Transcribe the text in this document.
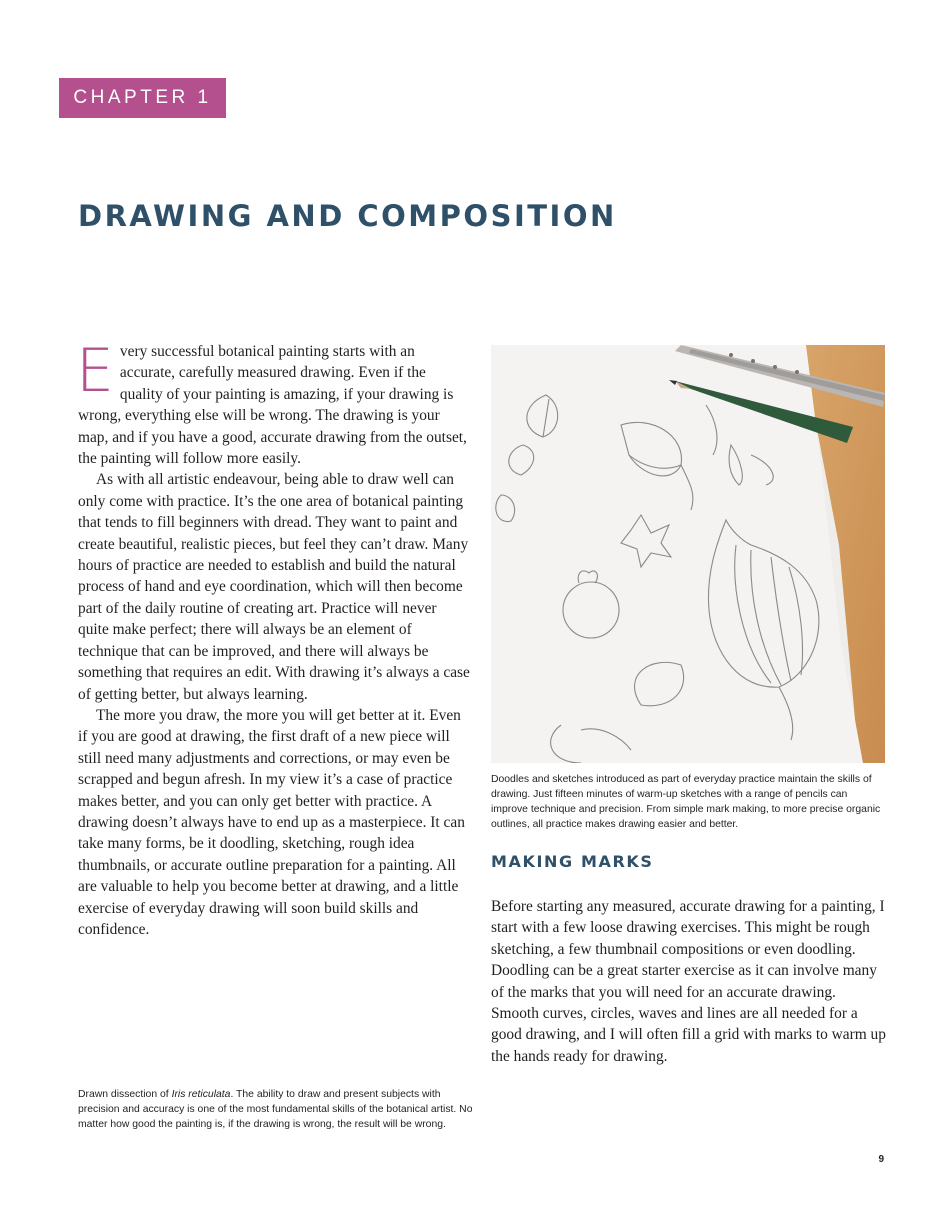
CHAPTER 1
DRAWING AND COMPOSITION

Every successful botanical painting starts with an accurate, carefully measured drawing. Even if the quality of your painting is amazing, if your drawing is wrong, everything else will be wrong. The drawing is your map, and if you have a good, accurate drawing from the outset, the painting will follow more easily.

As with all artistic endeavour, being able to draw well can only come with practice. It’s the one area of botanical painting that tends to fill beginners with dread. They want to paint and create beautiful, realistic pieces, but feel they can’t draw. Many hours of practice are needed to establish and build the natural process of hand and eye coordination, which will then become part of the daily routine of creating art. Practice will never quite make perfect; there will always be an element of technique that can be improved, and there will always be something that requires an edit. With drawing it’s always a case of getting better, but always learning.

The more you draw, the more you will get better at it. Even if you are good at drawing, the first draft of a new piece will still need many adjustments and corrections, or may even be scrapped and begun afresh. In my view it’s a case of practice makes better, and you can only get better with practice. A drawing doesn’t always have to end up as a masterpiece. It can take many forms, be it doodling, sketching, rough idea thumbnails, or accurate outline preparation for a painting. All are valuable to help you become better at drawing, and a little exercise of everyday drawing will soon build skills and confidence.

Doodles and sketches introduced as part of everyday practice maintain the skills of drawing. Just fifteen minutes of warm-up sketches with a range of pencils can improve technique and precision. From simple mark making, to more precise organic outlines, all practice makes drawing easier and better.
MAKING MARKS

Before starting any measured, accurate drawing for a painting, I start with a few loose drawing exercises. This might be rough sketching, a few thumbnail compositions or even doodling. Doodling can be a great starter exercise as it can involve many of the marks that you will need for an accurate drawing. Smooth curves, circles, waves and lines are all needed for a good drawing, and I will often fill a grid with marks to warm up the hands ready for drawing.

Drawn dissection of Iris reticulata. The ability to draw and present subjects with precision and accuracy is one of the most fundamental skills of the botanical artist. No matter how good the painting is, if the drawing is wrong, the result will be wrong.
9
